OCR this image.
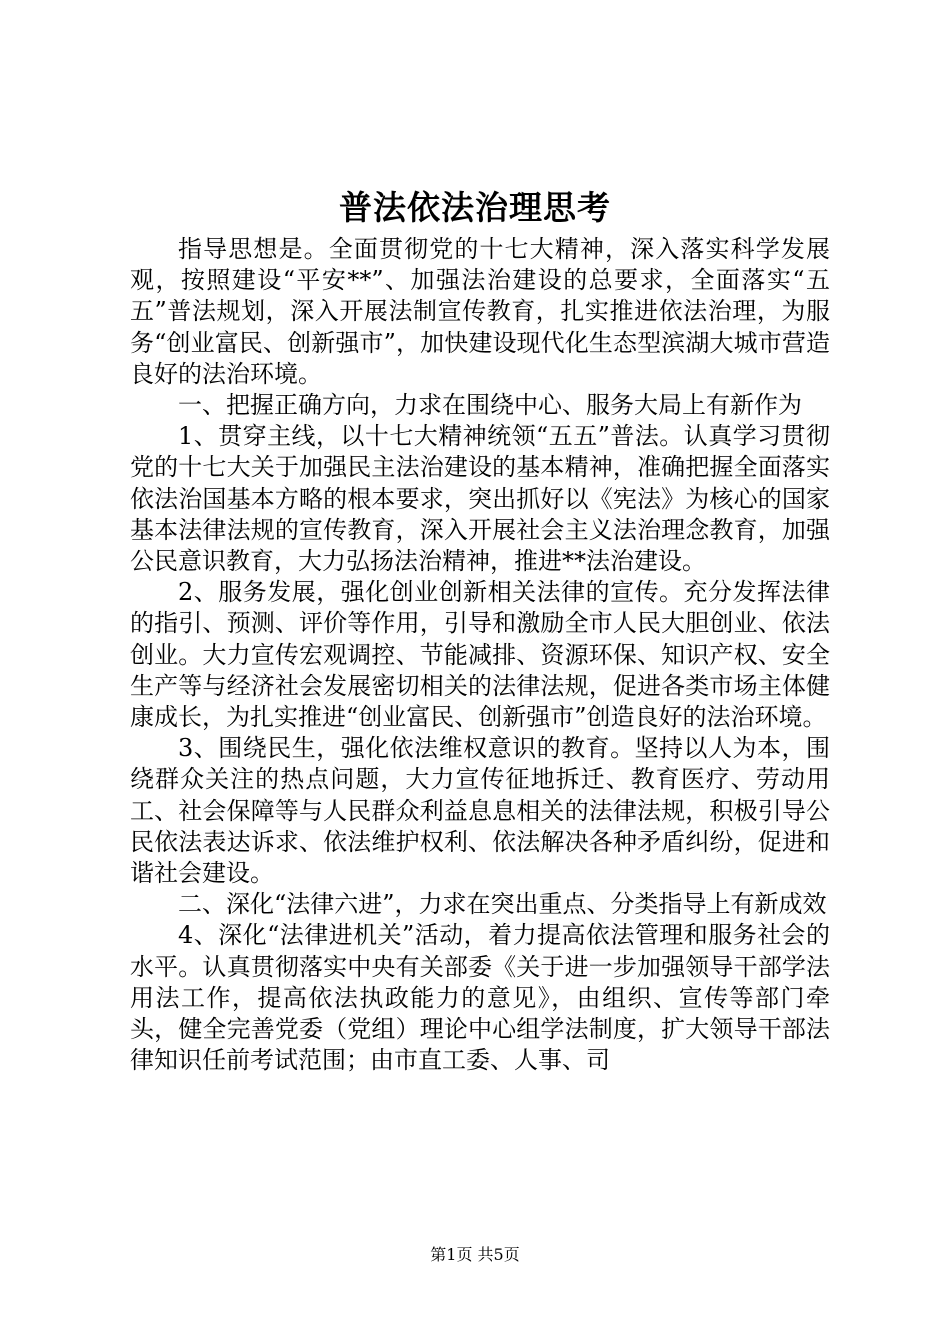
普法依法治理思考

指导思想是。全面贯彻党的十七大精神，深入落实科学发展观，按照建设“平安**”、加强法治建设的总要求，全面落实“五五”普法规划，深入开展法制宣传教育，扎实推进依法治理，为服务“创业富民、创新强市”，加快建设现代化生态型滨湖大城市营造良好的法治环境。

一、把握正确方向，力求在围绕中心、服务大局上有新作为

1、贯穿主线，以十七大精神统领“五五”普法。认真学习贯彻党的十七大关于加强民主法治建设的基本精神，准确把握全面落实依法治国基本方略的根本要求，突出抓好以《宪法》为核心的国家基本法律法规的宣传教育，深入开展社会主义法治理念教育，加强公民意识教育，大力弘扬法治精神，推进**法治建设。

2、服务发展，强化创业创新相关法律的宣传。充分发挥法律的指引、预测、评价等作用，引导和激励全市人民大胆创业、依法创业。大力宣传宏观调控、节能减排、资源环保、知识产权、安全生产等与经济社会发展密切相关的法律法规，促进各类市场主体健康成长，为扎实推进“创业富民、创新强市”创造良好的法治环境。

3、围绕民生，强化依法维权意识的教育。坚持以人为本，围绕群众关注的热点问题，大力宣传征地拆迁、教育医疗、劳动用工、社会保障等与人民群众利益息息相关的法律法规，积极引导公民依法表达诉求、依法维护权利、依法解决各种矛盾纠纷，促进和谐社会建设。

二、深化“法律六进”，力求在突出重点、分类指导上有新成效

4、深化“法律进机关”活动，着力提高依法管理和服务社会的水平。认真贯彻落实中央有关部委《关于进一步加强领导干部学法用法工作，提高依法执政能力的意见》，由组织、宣传等部门牵头，健全完善党委（党组）理论中心组学法制度，扩大领导干部法律知识任前考试范围；由市直工委、人事、司

第1页 共5页
